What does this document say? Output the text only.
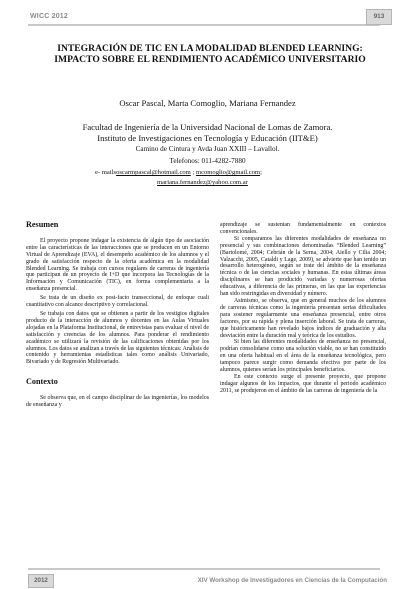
WICC 2012	913
INTEGRACIÓN DE TIC EN LA MODALIDAD BLENDED LEARNING: IMPACTO SOBRE EL RENDIMIENTO ACADÉMICO UNIVERSITARIO
Oscar Pascal, Marta Comoglio, Mariana Fernandez
Facultad de Ingeniería de la Universidad Nacional de Lomas de Zamora.
Instituto de Investigaciones en Tecnología y Educación (IIT&E)
Camino de Cintura y Avda Juan XXIII – Lavallol.
Telefonos: 011-4282-7880
e- mailsoscarmpascal@hotmail.com ; mcomoglio@gmail.com;
mariana.fernandez@yahoo.com.ar
Resumen
El proyecto propone indagar la existencia de algún tipo de asociación entre las características de las interacciones que se producen en un Entorno Virtual de Aprendizaje (EVA), el desempeño académico de los alumnos y el grado de satisfacción respecto de la oferta académica en la modalidad Blended Learning. Se trabaja con cursos regulares de carreras de ingeniería que participan de un proyecto de I+D que incorpora las Tecnologías de la Información y Comunicación (TIC), en forma complementaria a la enseñanza presencial.
Se trata de un diseño ex post-facto transeccional, de enfoque cuali cuantitativo con alcance descriptivo y correlacional.
Se trabaja con datos que se obtienen a partir de los vestigios digitales producto de la interacción de alumnos y docentes en las Aulas Virtuales alojadas en la Plataforma Institucional, de entrevistas para evaluar el nivel de satisfacción y creencias de los alumnos. Para ponderar el rendimiento académico se utilizará la revisión de las calificaciones obtenidas por los alumnos. Los datos se analizan a través de las siguientes técnicas: Análisis de contenido y herramientas estadísticas tales como análisis Univariado, Bivariado y de Regresión Multivariado.
Contexto
Se observa que, en el campo disciplinar de las ingenierías, los modelos de enseñanza y
aprendizaje se sustentan fundamentalmente en contextos convencionales.
Si comparamos las diferentes modalidades de enseñanza no presencial y sus combinaciones denominadas “Blended Learning” (Bartolomé, 2004; Cebrián de la Serna, 2004; Aiello y Cilia 2004; Valzacchi, 2005, Cataldi y Lage, 2009), se advierte que han tenido un desarrollo heterogéneo, según se trate del ámbito de la enseñanza técnica o de las ciencias sociales y humanas. En estas últimas áreas disciplinares se han producido variadas y numerosas ofertas educativas, a diferencia de las primeras, en las que las experiencias han sido restringidas en diversidad y número.
Asimismo, se observa, que en general muchos de los alumnos de carreras técnicas como la ingeniería presentan serias dificultades para sostener regularmente una enseñanza presencial, entre otros factores, por su rápida y plena inserción laboral. Se trata de carreras, que históricamente han revelado bajos índices de graduación y alta desviación entre la duración real y teórica de los estudios.
Si bien las diferentes modalidades de enseñanza no presencial, podrían consolidarse como una solución viable, no se han constituido en una oferta habitual en el área de la enseñanza tecnológica, pero tampoco parece surgir como demanda efectiva por parte de los alumnos, quienes serían los principales beneficiarios.
En este contexto surge el presente proyecto, que propone indagar algunos de los impactos, que durante el periodo académico 2011, se produjeron en el ámbito de las carreras de ingeniería de la
2012	XIV Workshop de Investigadores en Ciencias de la Computación
